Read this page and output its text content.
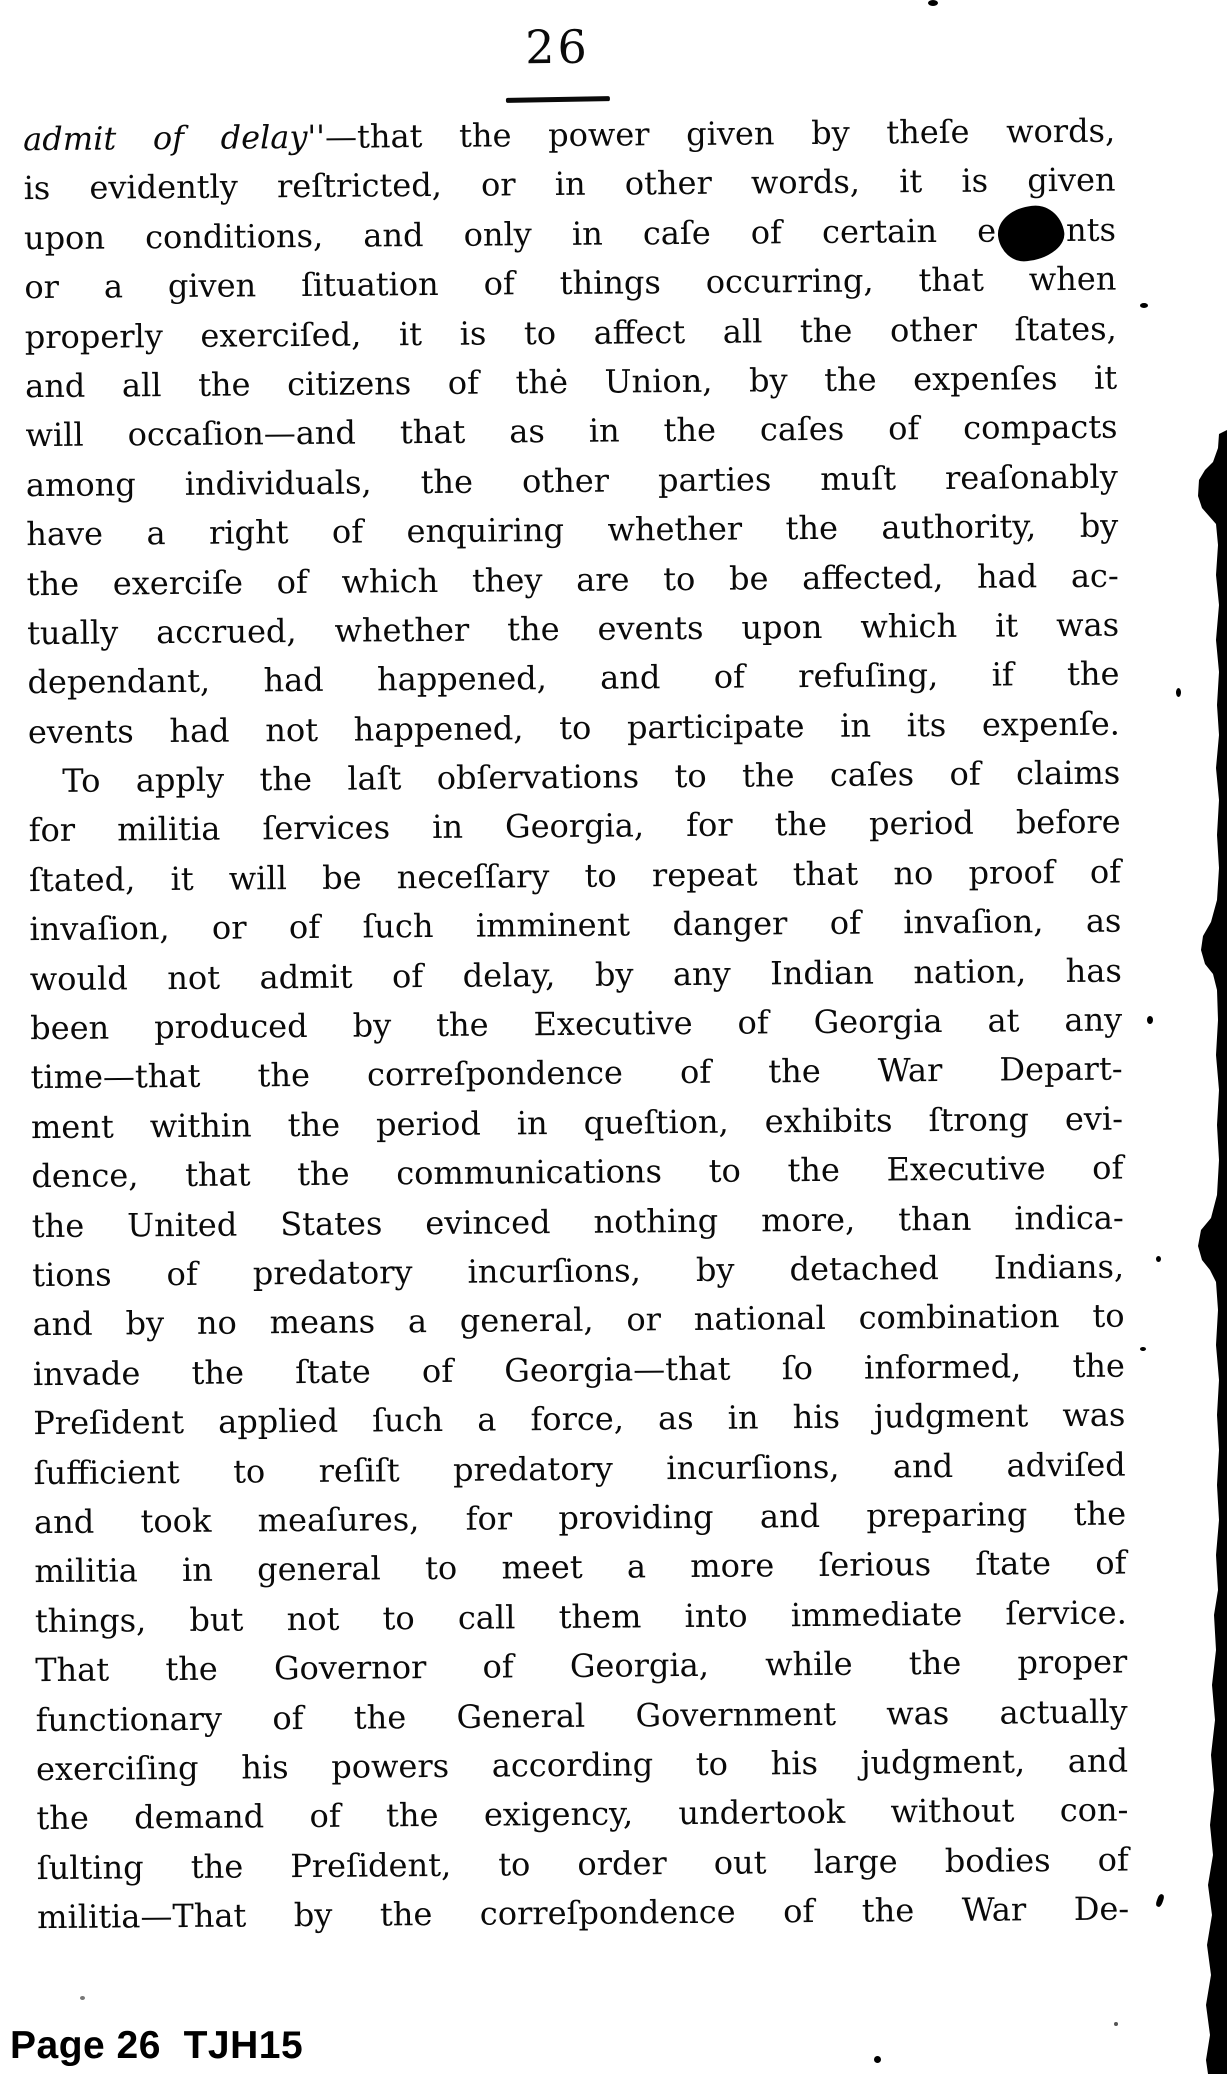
26
admit of delay''—that the power given by theſe words,
is evidently reſtricted, or in other words, it is given
upon conditions, and only in caſe of certain e nts
or a given ſituation of things occurring, that when
properly exerciſed, it is to affect all the other ſtates,
and all the citizens of thė Union, by the expenſes it
will occaſion—and that as in the caſes of compacts
among individuals, the other parties muſt reaſonably
have a right of enquiring whether the authority, by
the exerciſe of which they are to be affected, had ac-
tually accrued, whether the events upon which it was
dependant, had happened, and of refuſing, if the
events had not happened, to participate in its expenſe.
To apply the laſt obſervations to the caſes of claims
for militia ſervices in Georgia, for the period before
ſtated, it will be neceſſary to repeat that no proof of
invaſion, or of ſuch imminent danger of invaſion, as
would not admit of delay, by any Indian nation, has
been produced by the Executive of Georgia at any
time—that the correſpondence of the War Depart-
ment within the period in queſtion, exhibits ſtrong evi-
dence, that the communications to the Executive of
the United States evinced nothing more, than indica-
tions of predatory incurſions, by detached Indians,
and by no means a general, or national combination to
invade the ſtate of Georgia—that ſo informed, the
Preſident applied ſuch a force, as in his judgment was
ſufficient to reſiſt predatory incurſions, and adviſed
and took meaſures, for providing and preparing the
militia in general to meet a more ſerious ſtate of
things, but not to call them into immediate ſervice.
That the Governor of Georgia, while the proper
functionary of the General Government was actually
exerciſing his powers according to his judgment, and
the demand of the exigency, undertook without con-
ſulting the Preſident, to order out large bodies of
militia—That by the correſpondence of the War De-
Page 26  TJH15
